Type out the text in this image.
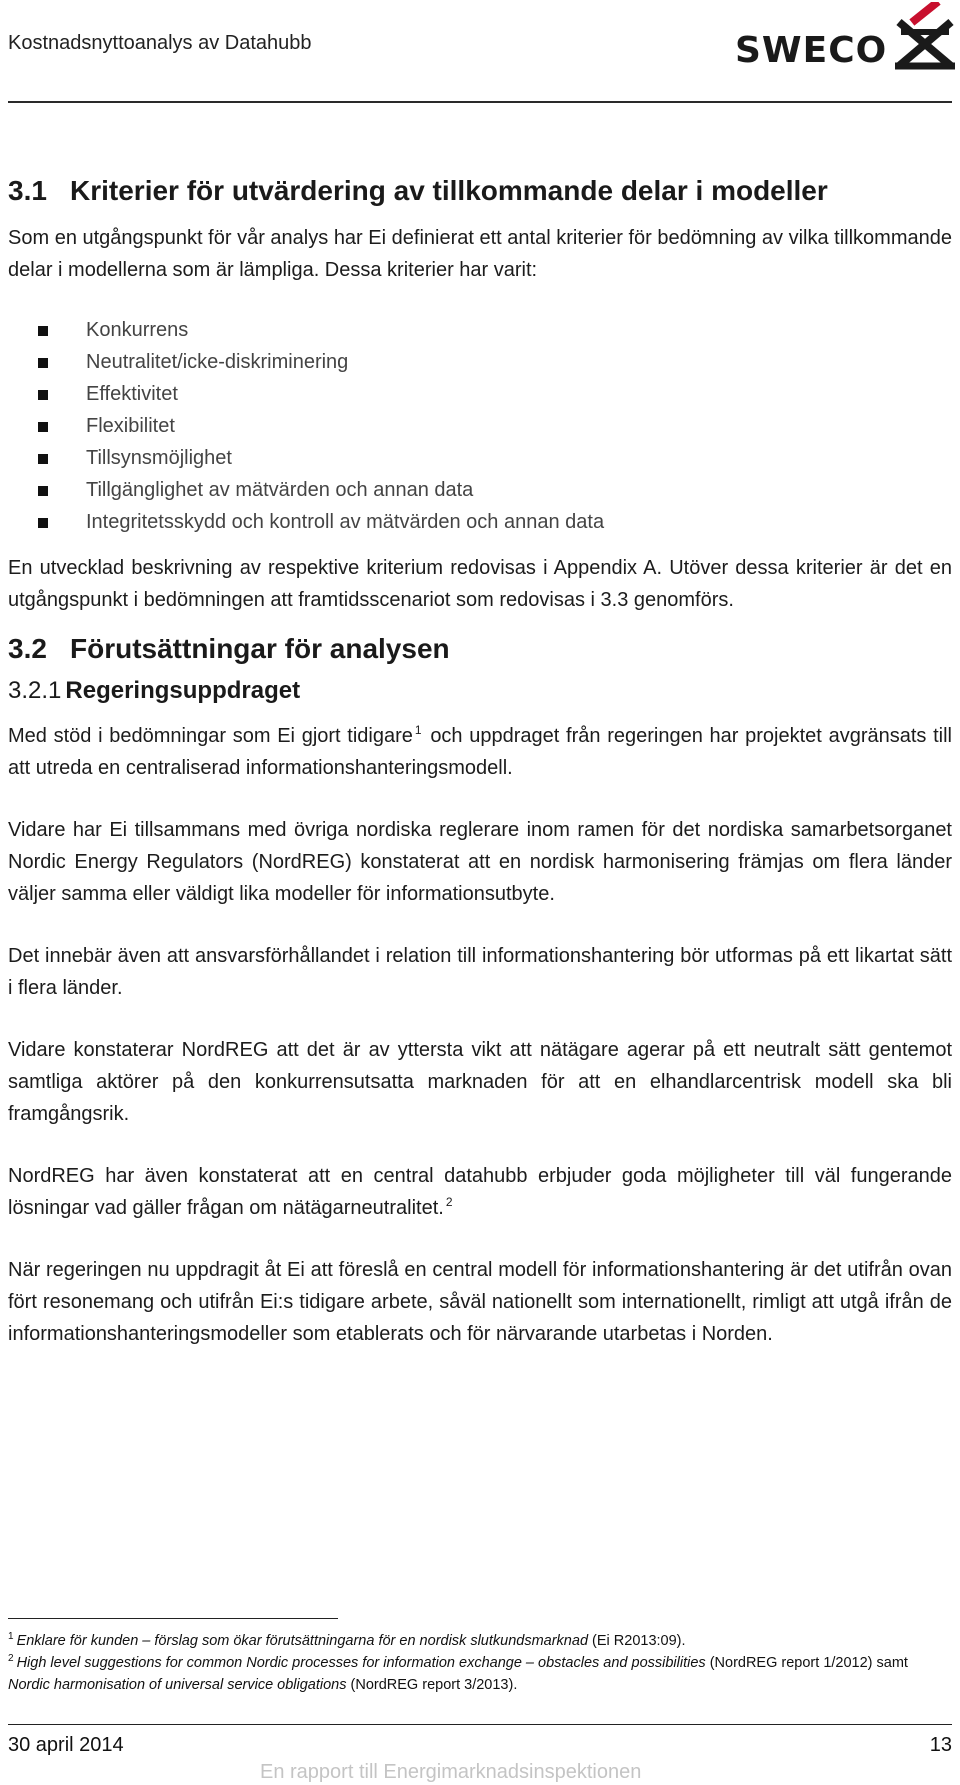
Kostnadsnyttoanalys av Datahubb	SWECO
3.1 Kriterier för utvärdering av tillkommande delar i modeller

Som en utgångspunkt för vår analys har Ei definierat ett antal kriterier för bedömning av vilka tillkommande delar i modellerna som är lämpliga. Dessa kriterier har varit:

Konkurrens
Neutralitet/icke-diskriminering
Effektivitet
Flexibilitet
Tillsynsmöjlighet
Tillgänglighet av mätvärden och annan data
Integritetsskydd och kontroll av mätvärden och annan data

En utvecklad beskrivning av respektive kriterium redovisas i Appendix A. Utöver dessa kriterier är det en utgångspunkt i bedömningen att framtidsscenariot som redovisas i 3.3 genomförs.

3.2 Förutsättningar för analysen
3.2.1 Regeringsuppdraget

Med stöd i bedömningar som Ei gjort tidigare $^1$ och uppdraget från regeringen har projektet avgränsats till att utreda en centraliserad informationshanteringsmodell.

Vidare har Ei tillsammans med övriga nordiska reglerare inom ramen för det nordiska samarbetsorganet Nordic Energy Regulators (NordREG) konstaterat att en nordisk harmonisering främjas om flera länder väljer samma eller väldigt lika modeller för informationsutbyte.

Det innebär även att ansvarsförhållandet i relation till informationshantering bör utformas på ett likartat sätt i flera länder.

Vidare konstaterar NordREG att det är av yttersta vikt att nätägare agerar på ett neutralt sätt gentemot samtliga aktörer på den konkurrensutsatta marknaden för att en elhandlarcentrisk modell ska bli framgångsrik.

NordREG har även konstaterat att en central datahubb erbjuder goda möjligheter till väl fungerande lösningar vad gäller frågan om nätägarneutralitet. $^2$

När regeringen nu uppdragit åt Ei att föreslå en central modell för informationshantering är det utifrån ovan fört resonemang och utifrån Ei:s tidigare arbete, såväl nationellt som internationellt, rimligt att utgå ifrån de informationshanteringsmodeller som etablerats och för närvarande utarbetas i Norden.

$^1$ Enklare för kunden – förslag som ökar förutsättningarna för en nordisk slutkundsmarknad (Ei R2013:09).
$^2$ High level suggestions for common Nordic processes for information exchange – obstacles and possibilities (NordREG report 1/2012) samt Nordic harmonisation of universal service obligations (NordREG report 3/2013).
30 april 2014	13
En rapport till Energimarknadsinspektionen
